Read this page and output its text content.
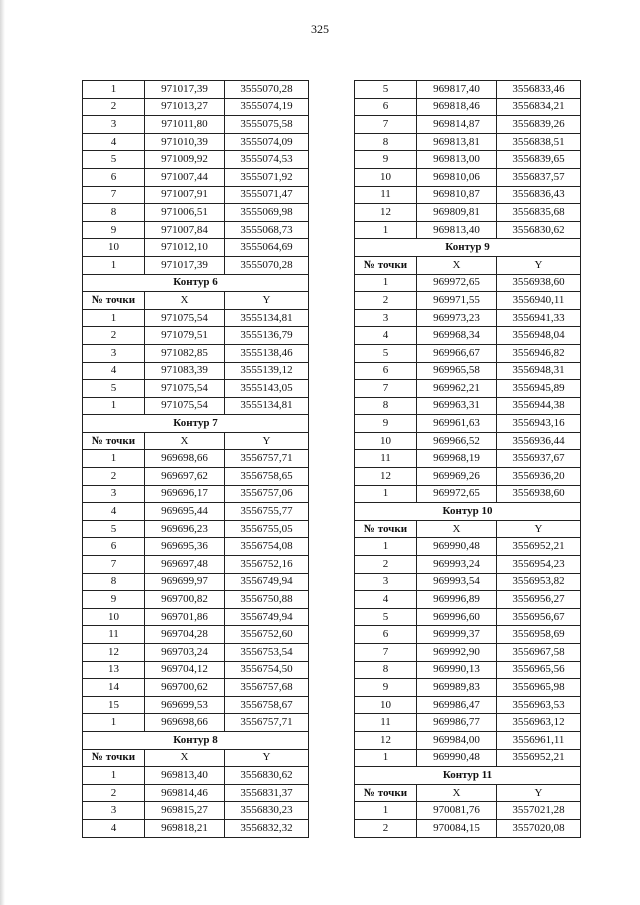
325
1	971017,39	3555070,28
2	971013,27	3555074,19
3	971011,80	3555075,58
4	971010,39	3555074,09
5	971009,92	3555074,53
6	971007,44	3555071,92
7	971007,91	3555071,47
8	971006,51	3555069,98
9	971007,84	3555068,73
10	971012,10	3555064,69
1	971017,39	3555070,28
Контур 6		
№ точки	X	Y
1	971075,54	3555134,81
2	971079,51	3555136,79
3	971082,85	3555138,46
4	971083,39	3555139,12
5	971075,54	3555143,05
1	971075,54	3555134,81
Контур 7		
№ точки	X	Y
1	969698,66	3556757,71
2	969697,62	3556758,65
3	969696,17	3556757,06
4	969695,44	3556755,77
5	969696,23	3556755,05
6	969695,36	3556754,08
7	969697,48	3556752,16
8	969699,97	3556749,94
9	969700,82	3556750,88
10	969701,86	3556749,94
11	969704,28	3556752,60
12	969703,24	3556753,54
13	969704,12	3556754,50
14	969700,62	3556757,68
15	969699,53	3556758,67
1	969698,66	3556757,71
Контур 8		
№ точки	X	Y
1	969813,40	3556830,62
2	969814,46	3556831,37
3	969815,27	3556830,23
4	969818,21	3556832,32
5	969817,40	3556833,46
6	969818,46	3556834,21
7	969814,87	3556839,26
8	969813,81	3556838,51
9	969813,00	3556839,65
10	969810,06	3556837,57
11	969810,87	3556836,43
12	969809,81	3556835,68
1	969813,40	3556830,62
Контур 9		
№ точки	X	Y
1	969972,65	3556938,60
2	969971,55	3556940,11
3	969973,23	3556941,33
4	969968,34	3556948,04
5	969966,67	3556946,82
6	969965,58	3556948,31
7	969962,21	3556945,89
8	969963,31	3556944,38
9	969961,63	3556943,16
10	969966,52	3556936,44
11	969968,19	3556937,67
12	969969,26	3556936,20
1	969972,65	3556938,60
Контур 10		
№ точки	X	Y
1	969990,48	3556952,21
2	969993,24	3556954,23
3	969993,54	3556953,82
4	969996,89	3556956,27
5	969996,60	3556956,67
6	969999,37	3556958,69
7	969992,90	3556967,58
8	969990,13	3556965,56
9	969989,83	3556965,98
10	969986,47	3556963,53
11	969986,77	3556963,12
12	969984,00	3556961,11
1	969990,48	3556952,21
Контур 11		
№ точки	X	Y
1	970081,76	3557021,28
2	970084,15	3557020,08
